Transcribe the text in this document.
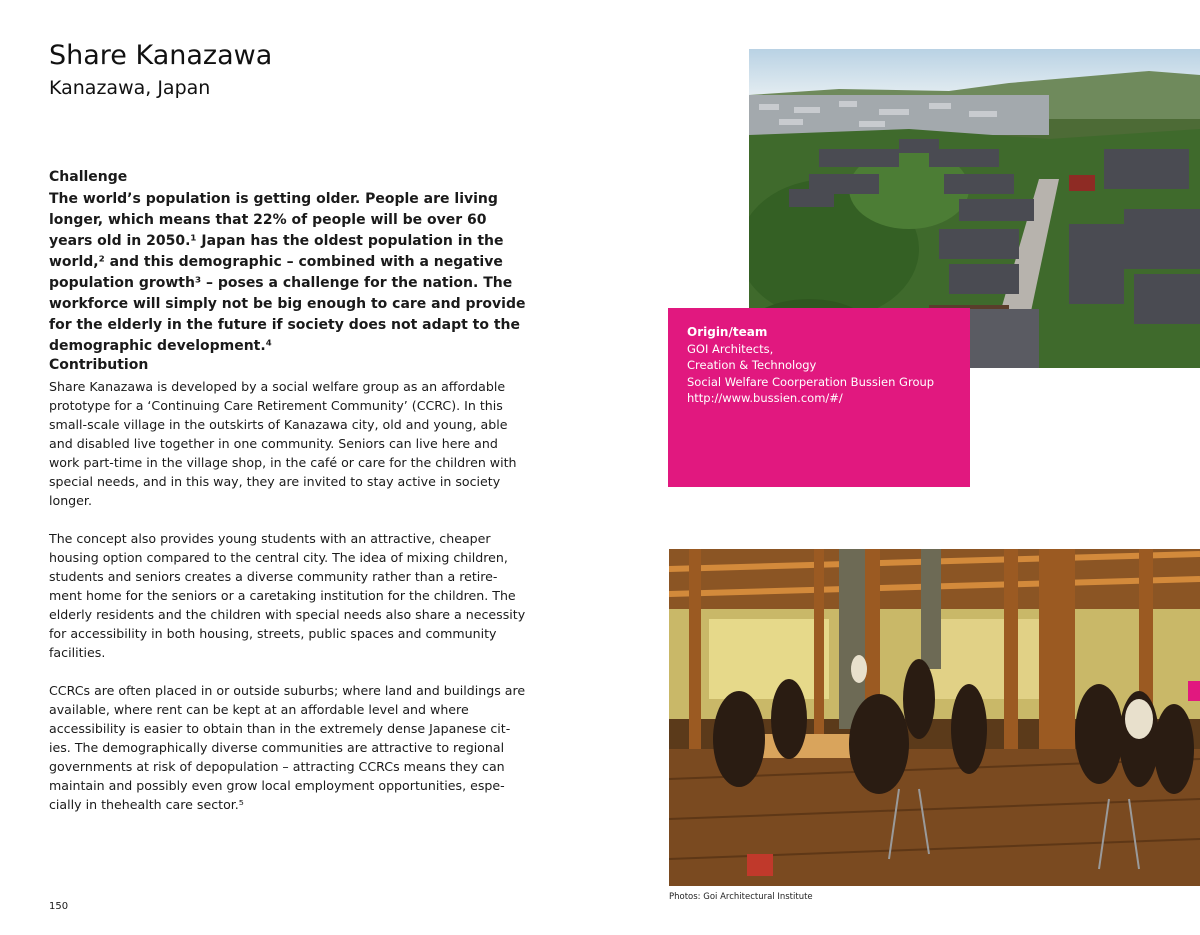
Share Kanazawa
Kanazawa, Japan
Challenge
The world’s population is getting older. People are living longer, which means that 22% of people will be over 60 years old in 2050.¹ Japan has the oldest population in the world,² and this demographic – combined with a negative population growth³ – poses a challenge for the nation. The workforce will simply not be big enough to care and provide for the elderly in the future if society does not adapt to the demographic development.⁴
Contribution

Share Kanazawa is developed by a social welfare group as an affordable prototype for a ‘Continuing Care Retirement Community’ (CCRC). In this small-scale village in the outskirts of Kanazawa city, old and young, able and disabled live together in one community. Seniors can live here and work part-time in the village shop, in the café or care for the children with special needs, and in this way, they are invited to stay active in society longer.

The concept also provides young students with an attractive, cheaper housing option compared to the central city. The idea of mixing children, students and seniors creates a diverse community rather than a retire-ment home for the seniors or a caretaking institution for the children. The elderly residents and the children with special needs also share a necessity for accessibility in both housing, streets, public spaces and community facilities.

CCRCs are often placed in or outside suburbs; where land and buildings are available, where rent can be kept at an affordable level and where accessibility is easier to obtain than in the extremely dense Japanese cit-ies. The demographically diverse communities are attractive to regional governments at risk of depopulation – attracting CCRCs means they can maintain and possibly even grow local employment opportunities, espe-cially in thehealth care sector.⁵

150
Origin/team
GOI Architects,
Creation & Technology
Social Welfare Coorperation Bussien Group
http://www.bussien.com/#/
Photos: Goi Architectural Institute
